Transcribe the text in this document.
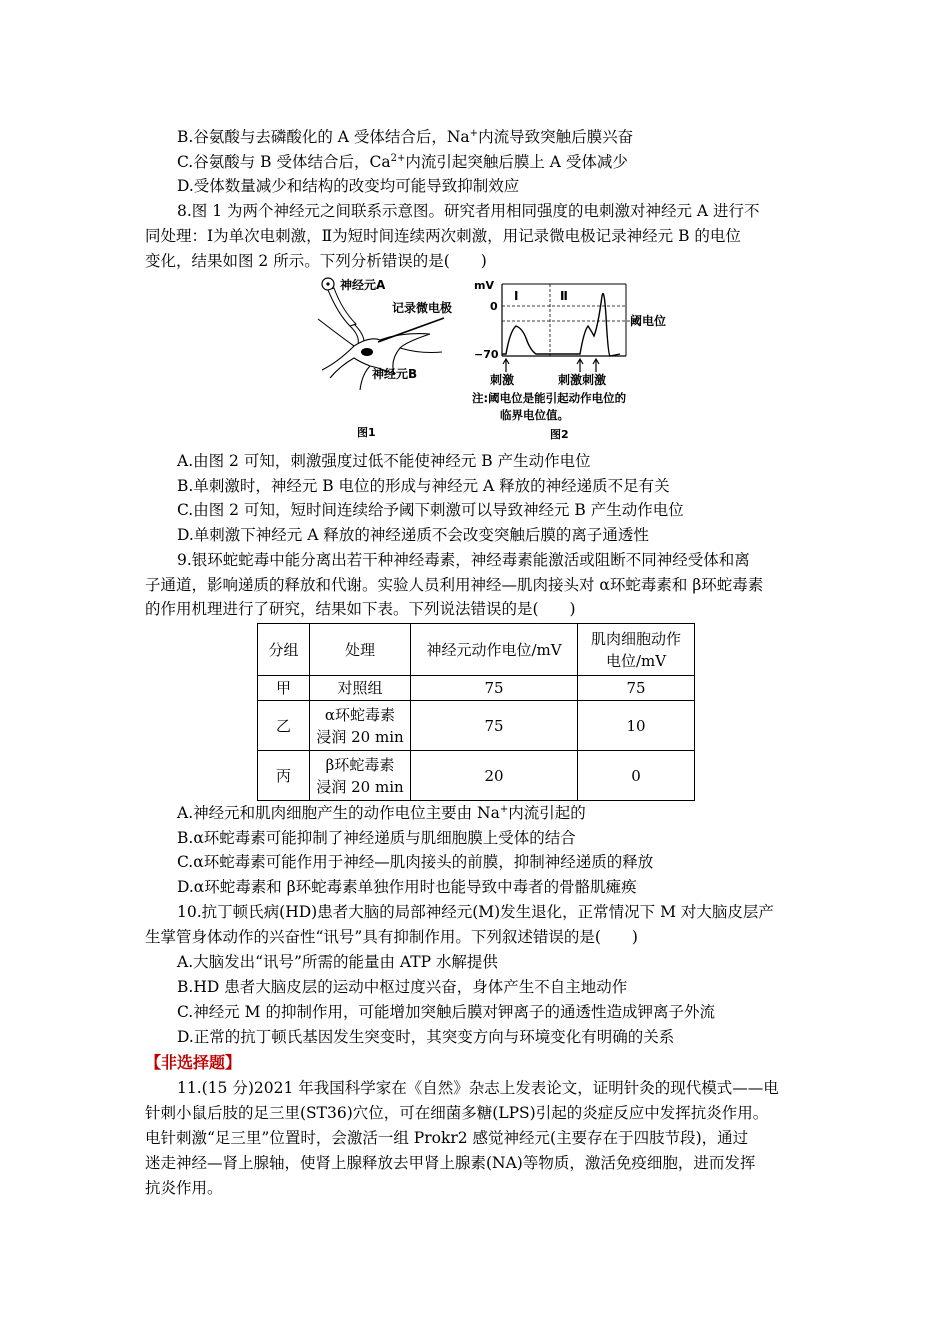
B.谷氨酸与去磷酸化的 A 受体结合后，Na+内流导致突触后膜兴奋
C.谷氨酸与 B 受体结合后，$Ca^{2+}$内流引起突触后膜上 A 受体减少
D.受体数量减少和结构的改变均可能导致抑制效应
8.图 1 为两个神经元之间联系示意图。研究者用相同强度的电刺激对神经元 A 进行不
同处理：Ⅰ为单次电刺激，Ⅱ为短时间连续两次刺激，用记录微电极记录神经元 B 的电位
变化，结果如图 2 所示。下列分析错误的是(　　)
神经元A
记录微电极
神经元B
图1
mV
0
−70
Ⅰ	Ⅱ
阈电位
刺激	刺激刺激
注:阈电位是能引起动作电位的
临界电位值。
图2
A.由图 2 可知，刺激强度过低不能使神经元 B 产生动作电位
B.单刺激时，神经元 B 电位的形成与神经元 A 释放的神经递质不足有关
C.由图 2 可知，短时间连续给予阈下刺激可以导致神经元 B 产生动作电位
D.单刺激下神经元 A 释放的神经递质不会改变突触后膜的离子通透性
9.银环蛇蛇毒中能分离出若干种神经毒素，神经毒素能激活或阻断不同神经受体和离
子通道，影响递质的释放和代谢。实验人员利用神经—肌肉接头对 α环蛇毒素和 β环蛇毒素
的作用机理进行了研究，结果如下表。下列说法错误的是(　　)
分组	处理	神经元动作电位/mV	肌肉细胞动作
电位/mV

甲	对照组	75	75
乙	α环蛇毒素
浸润 20 min	75	10
丙	β环蛇毒素
浸润 20 min	20	0
A.神经元和肌肉细胞产生的动作电位主要由 Na+内流引起的
B.α环蛇毒素可能抑制了神经递质与肌细胞膜上受体的结合
C.α环蛇毒素可能作用于神经—肌肉接头的前膜，抑制神经递质的释放
D.α环蛇毒素和 β环蛇毒素单独作用时也能导致中毒者的骨骼肌瘫痪
10.抗丁顿氏病(HD)患者大脑的局部神经元(M)发生退化，正常情况下 M 对大脑皮层产
生掌管身体动作的兴奋性“讯号”具有抑制作用。下列叙述错误的是(　　)
A.大脑发出“讯号”所需的能量由 ATP 水解提供
B.HD 患者大脑皮层的运动中枢过度兴奋，身体产生不自主地动作
C.神经元 M 的抑制作用，可能增加突触后膜对钾离子的通透性造成钾离子外流
D.正常的抗丁顿氏基因发生突变时，其突变方向与环境变化有明确的关系
【非选择题】
11.(15 分)2021 年我国科学家在《自然》杂志上发表论文，证明针灸的现代模式——电
针刺小鼠后肢的足三里(ST36)穴位，可在细菌多糖(LPS)引起的炎症反应中发挥抗炎作用。
电针刺激“足三里”位置时，会激活一组 Prokr2 感觉神经元(主要存在于四肢节段)，通过
迷走神经—肾上腺轴，使肾上腺释放去甲肾上腺素(NA)等物质，激活免疫细胞，进而发挥
抗炎作用。
